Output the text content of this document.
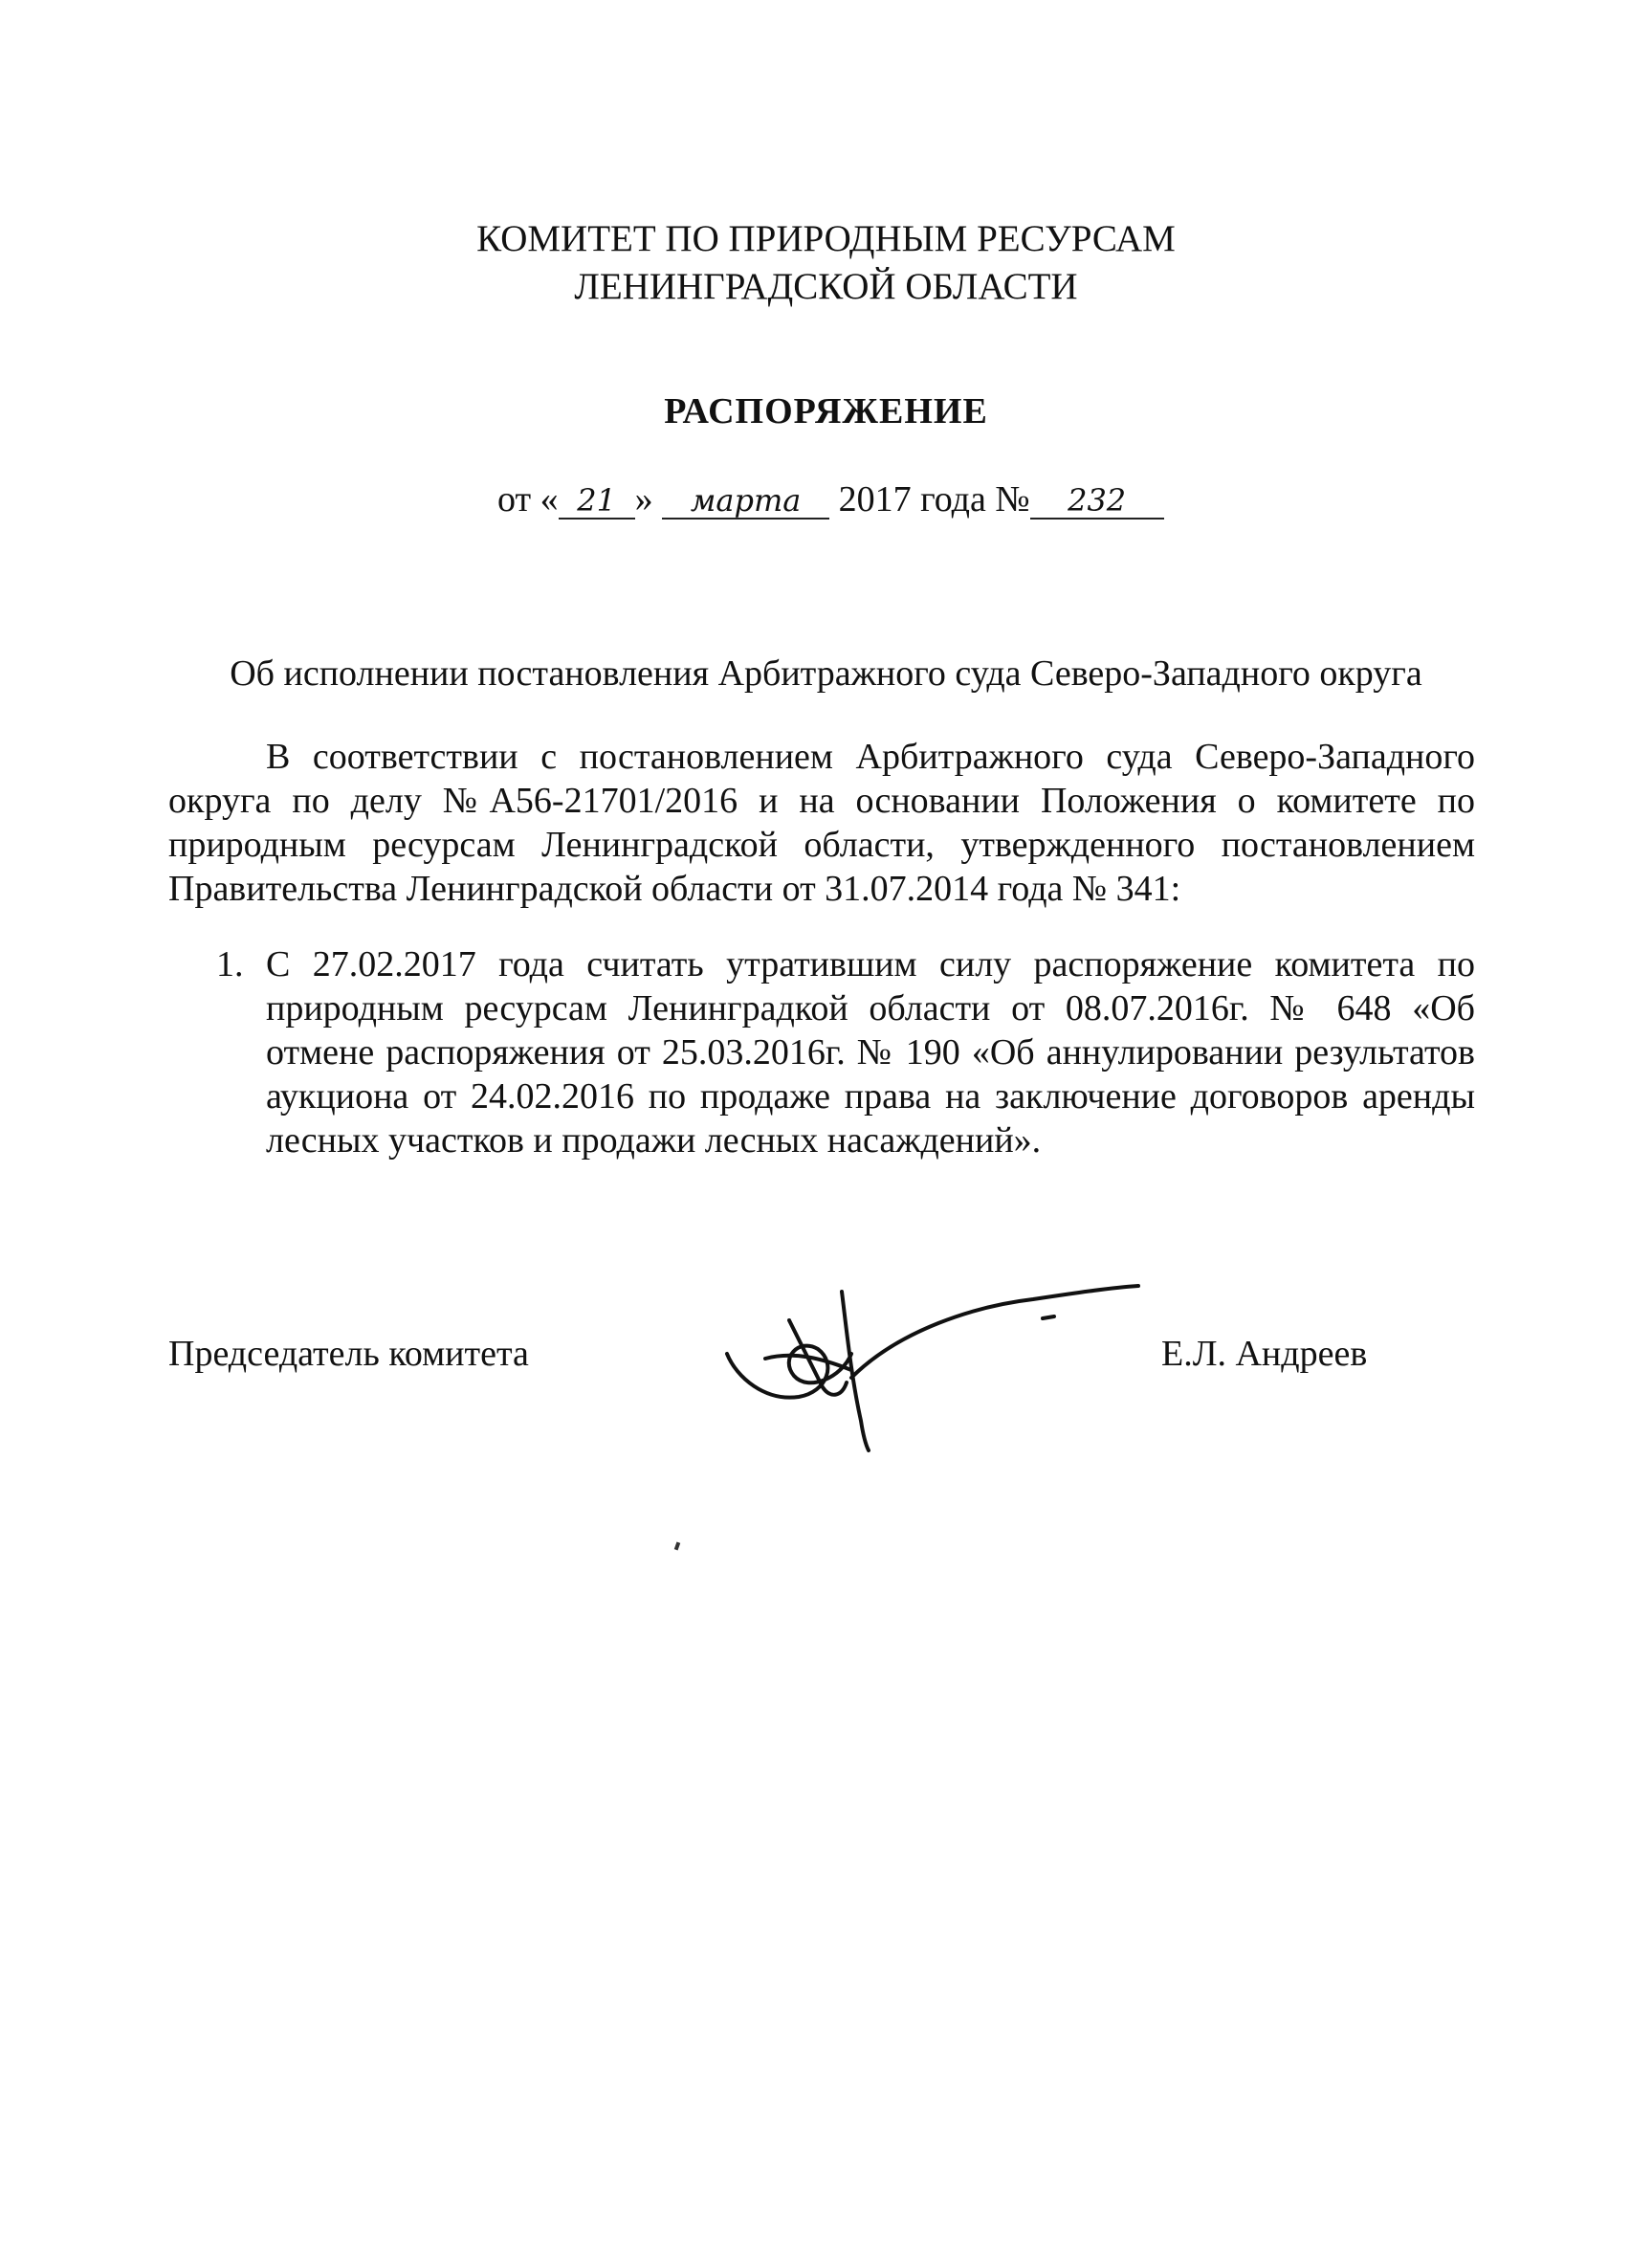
КОМИТЕТ ПО ПРИРОДНЫМ РЕСУРСАМ
ЛЕНИНГРАДСКОЙ ОБЛАСТИ
РАСПОРЯЖЕНИЕ
от « 21 » марта 2017 года № 232
Об исполнении постановления Арбитражного суда Северо-Западного округа
В соответствии с постановлением Арбитражного суда Северо-Западного округа по делу №А56-21701/2016 и на основании Положения о комитете по природным ресурсам Ленинградской области, утвержденного постановлением Правительства Ленинградской области от 31.07.2014 года № 341:
1. С 27.02.2017 года считать утратившим силу распоряжение комитета по природным ресурсам Ленинградкой области от 08.07.2016г. № 648 «Об отмене распоряжения от 25.03.2016г. № 190 «Об аннулировании результатов аукциона от 24.02.2016 по продаже права на заключение договоров аренды лесных участков и продажи лесных насаждений».
Председатель комитета	Е.Л. Андреев
